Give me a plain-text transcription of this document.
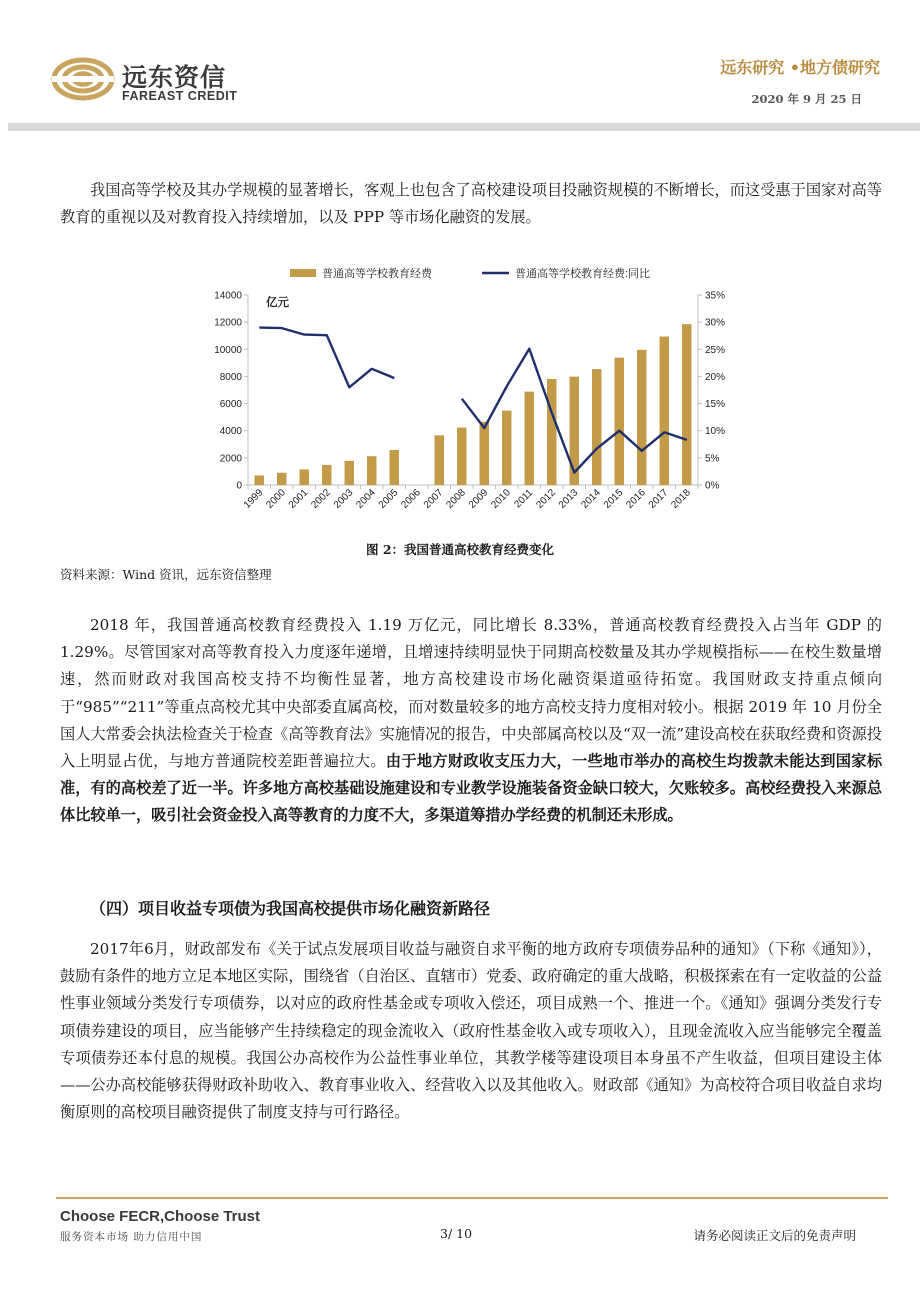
远东资信
FAREAST CREDIT
远东研究 •地方债研究
2020 年 9 月 25 日

我国高等学校及其办学规模的显著增长，客观上也包含了高校建设项目投融资规模的不断增长，而这受惠于国家对高等教育的重视以及对教育投入持续增加，以及 PPP 等市场化融资的发展。

0
2000
4000
6000
8000
10000
12000
14000
0%
5%
10%
15%
20%
25%
30%
35%
1999
2000
2001
2002
2003
2004
2005
2006
2007
2008
2009
2010 2011
2012
2013
2014
2015
2016
2017
2018
亿元
普通高等学校教育经费	普通高等学校教育经费:同比
图 2：我国普通高校教育经费变化
资料来源：Wind 资讯，远东资信整理

2018 年，我国普通高校教育经费投入 1.19 万亿元，同比增长 8.33%，普通高校教育经费投入占当年 GDP 的 1.29%。尽管国家对高等教育投入力度逐年递增，且增速持续明显快于同期高校数量及其办学规模指标——在校生数量增速，然而财政对我国高校支持不均衡性显著，地方高校建设市场化融资渠道亟待拓宽。我国财政支持重点倾向于“985”“211”等重点高校尤其中央部委直属高校，而对数量较多的地方高校支持力度相对较小。根据 2019 年 10 月份全国人大常委会执法检查关于检查《高等教育法》实施情况的报告，中央部属高校以及“双一流”建设高校在获取经费和资源投入上明显占优，与地方普通院校差距普遍拉大。由于地方财政收支压力大，一些地市举办的高校生均拨款未能达到国家标准，有的高校差了近一半。许多地方高校基础设施建设和专业教学设施装备资金缺口较大，欠账较多。高校经费投入来源总体比较单一，吸引社会资金投入高等教育的力度不大，多渠道筹措办学经费的机制还未形成。

（四）项目收益专项债为我国高校提供市场化融资新路径

2017年6月，财政部发布《关于试点发展项目收益与融资自求平衡的地方政府专项债券品种的通知》（下称《通知》），鼓励有条件的地方立足本地区实际，围绕省（自治区、直辖市）党委、政府确定的重大战略，积极探索在有一定收益的公益性事业领域分类发行专项债券，以对应的政府性基金或专项收入偿还，项目成熟一个、推进一个。《通知》强调分类发行专项债券建设的项目，应当能够产生持续稳定的现金流收入（政府性基金收入或专项收入），且现金流收入应当能够完全覆盖专项债券还本付息的规模。我国公办高校作为公益性事业单位，其教学楼等建设项目本身虽不产生收益，但项目建设主体——公办高校能够获得财政补助收入、教育事业收入、经营收入以及其他收入。财政部《通知》为高校符合项目收益自求均衡原则的高校项目融资提供了制度支持与可行路径。

Choose FECR,Choose Trust
服务资本市场 助力信用中国	3/ 10	请务必阅读正文后的免责声明
